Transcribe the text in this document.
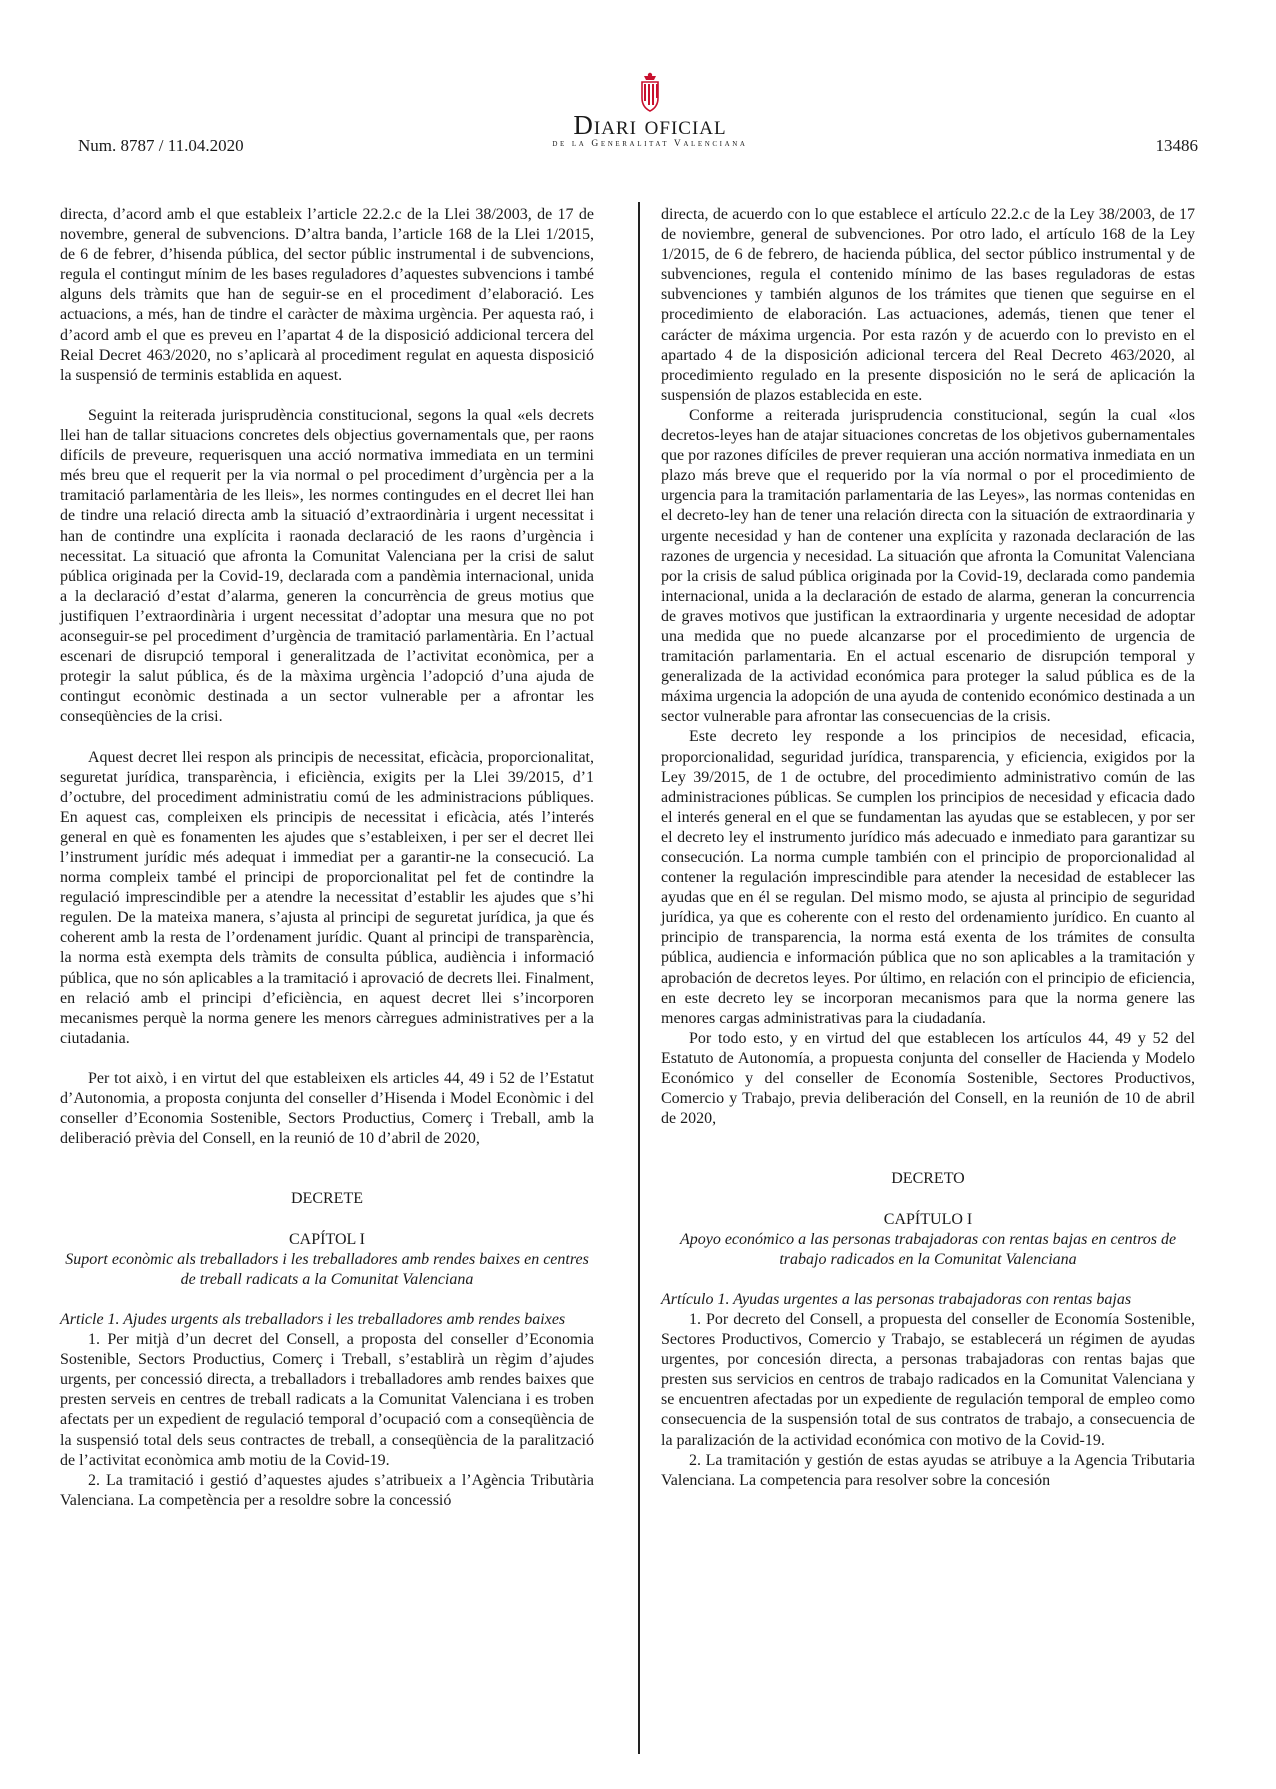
Num. 8787 / 11.04.2020
Diari oficial
de la Generalitat Valenciana	13486

directa, d’acord amb el que estableix l’article 22.2.c de la Llei 38/2003, de 17 de novembre, general de subvencions. D’altra banda, l’article 168 de la Llei 1/2015, de 6 de febrer, d’hisenda pública, del sector públic instrumental i de subvencions, regula el contingut mínim de les bases reguladores d’aquestes subvencions i també alguns dels tràmits que han de seguir-se en el procediment d’elaboració. Les actuacions, a més, han de tindre el caràcter de màxima urgència. Per aquesta raó, i d’acord amb el que es preveu en l’apartat 4 de la disposició addicional tercera del Reial Decret 463/2020, no s’aplicarà al procediment regulat en aquesta disposició la suspensió de terminis establida en aquest.

Seguint la reiterada jurisprudència constitucional, segons la qual «els decrets llei han de tallar situacions concretes dels objectius governamentals que, per raons difícils de preveure, requerisquen una acció normativa immediata en un termini més breu que el requerit per la via normal o pel procediment d’urgència per a la tramitació parlamentària de les lleis», les normes contingudes en el decret llei han de tindre una relació directa amb la situació d’extraordinària i urgent necessitat i han de contindre una explícita i raonada declaració de les raons d’urgència i necessitat. La situació que afronta la Comunitat Valenciana per la crisi de salut pública originada per la Covid-19, declarada com a pandèmia internacional, unida a la declaració d’estat d’alarma, generen la concurrència de greus motius que justifiquen l’extraordinària i urgent necessitat d’adoptar una mesura que no pot aconseguir-se pel procediment d’urgència de tramitació parlamentària. En l’actual escenari de disrupció temporal i generalitzada de l’activitat econòmica, per a protegir la salut pública, és de la màxima urgència l’adopció d’una ajuda de contingut econòmic destinada a un sector vulnerable per a afrontar les conseqüències de la crisi.

Aquest decret llei respon als principis de necessitat, eficàcia, proporcionalitat, seguretat jurídica, transparència, i eficiència, exigits per la Llei 39/2015, d’1 d’octubre, del procediment administratiu comú de les administracions públiques. En aquest cas, compleixen els principis de necessitat i eficàcia, atés l’interés general en què es fonamenten les ajudes que s’estableixen, i per ser el decret llei l’instrument jurídic més adequat i immediat per a garantir-ne la consecució. La norma compleix també el principi de proporcionalitat pel fet de contindre la regulació imprescindible per a atendre la necessitat d’establir les ajudes que s’hi regulen. De la mateixa manera, s’ajusta al principi de seguretat jurídica, ja que és coherent amb la resta de l’ordenament jurídic. Quant al principi de transparència, la norma està exempta dels tràmits de consulta pública, audiència i informació pública, que no són aplicables a la tramitació i aprovació de decrets llei. Finalment, en relació amb el principi d’eficiència, en aquest decret llei s’incorporen mecanismes perquè la norma genere les menors càrregues administratives per a la ciutadania.

Per tot això, i en virtut del que estableixen els articles 44, 49 i 52 de l’Estatut d’Autonomia, a proposta conjunta del conseller d’Hisenda i Model Econòmic i del conseller d’Economia Sostenible, Sectors Productius, Comerç i Treball, amb la deliberació prèvia del Consell, en la reunió de 10 d’abril de 2020,

DECRETE

CAPÍTOL I

Suport econòmic als treballadors i les treballadores amb rendes baixes en centres de treball radicats a la Comunitat Valenciana

Article 1. Ajudes urgents als treballadors i les treballadores amb rendes baixes

1. Per mitjà d’un decret del Consell, a proposta del conseller d’Economia Sostenible, Sectors Productius, Comerç i Treball, s’establirà un règim d’ajudes urgents, per concessió directa, a treballadors i treballadores amb rendes baixes que presten serveis en centres de treball radicats a la Comunitat Valenciana i es troben afectats per un expedient de regulació temporal d’ocupació com a conseqüència de la suspensió total dels seus contractes de treball, a conseqüència de la paralització de l’activitat econòmica amb motiu de la Covid-19.

2. La tramitació i gestió d’aquestes ajudes s’atribueix a l’Agència Tributària Valenciana. La competència per a resoldre sobre la concessió

directa, de acuerdo con lo que establece el artículo 22.2.c de la Ley 38/2003, de 17 de noviembre, general de subvenciones. Por otro lado, el artículo 168 de la Ley 1/2015, de 6 de febrero, de hacienda pública, del sector público instrumental y de subvenciones, regula el contenido mínimo de las bases reguladoras de estas subvenciones y también algunos de los trámites que tienen que seguirse en el procedimiento de elaboración. Las actuaciones, además, tienen que tener el carácter de máxima urgencia. Por esta razón y de acuerdo con lo previsto en el apartado 4 de la disposición adicional tercera del Real Decreto 463/2020, al procedimiento regulado en la presente disposición no le será de aplicación la suspensión de plazos establecida en este.

Conforme a reiterada jurisprudencia constitucional, según la cual «los decretos-leyes han de atajar situaciones concretas de los objetivos gubernamentales que por razones difíciles de prever requieran una acción normativa inmediata en un plazo más breve que el requerido por la vía normal o por el procedimiento de urgencia para la tramitación parlamentaria de las Leyes», las normas contenidas en el decreto-ley han de tener una relación directa con la situación de extraordinaria y urgente necesidad y han de contener una explícita y razonada declaración de las razones de urgencia y necesidad. La situación que afronta la Comunitat Valenciana por la crisis de salud pública originada por la Covid-19, declarada como pandemia internacional, unida a la declaración de estado de alarma, generan la concurrencia de graves motivos que justifican la extraordinaria y urgente necesidad de adoptar una medida que no puede alcanzarse por el procedimiento de urgencia de tramitación parlamentaria. En el actual escenario de disrupción temporal y generalizada de la actividad económica para proteger la salud pública es de la máxima urgencia la adopción de una ayuda de contenido económico destinada a un sector vulnerable para afrontar las consecuencias de la crisis.

Este decreto ley responde a los principios de necesidad, eficacia, proporcionalidad, seguridad jurídica, transparencia, y eficiencia, exigidos por la Ley 39/2015, de 1 de octubre, del procedimiento administrativo común de las administraciones públicas. Se cumplen los principios de necesidad y eficacia dado el interés general en el que se fundamentan las ayudas que se establecen, y por ser el decreto ley el instrumento jurídico más adecuado e inmediato para garantizar su consecución. La norma cumple también con el principio de proporcionalidad al contener la regulación imprescindible para atender la necesidad de establecer las ayudas que en él se regulan. Del mismo modo, se ajusta al principio de seguridad jurídica, ya que es coherente con el resto del ordenamiento jurídico. En cuanto al principio de transparencia, la norma está exenta de los trámites de consulta pública, audiencia e información pública que no son aplicables a la tramitación y aprobación de decretos leyes. Por último, en relación con el principio de eficiencia, en este decreto ley se incorporan mecanismos para que la norma genere las menores cargas administrativas para la ciudadanía.

Por todo esto, y en virtud del que establecen los artículos 44, 49 y 52 del Estatuto de Autonomía, a propuesta conjunta del conseller de Hacienda y Modelo Económico y del conseller de Economía Sostenible, Sectores Productivos, Comercio y Trabajo, previa deliberación del Consell, en la reunión de 10 de abril de 2020,

DECRETO

CAPÍTULO I

Apoyo económico a las personas trabajadoras con rentas bajas en centros de trabajo radicados en la Comunitat Valenciana

Artículo 1. Ayudas urgentes a las personas trabajadoras con rentas bajas

1. Por decreto del Consell, a propuesta del conseller de Economía Sostenible, Sectores Productivos, Comercio y Trabajo, se establecerá un régimen de ayudas urgentes, por concesión directa, a personas trabajadoras con rentas bajas que presten sus servicios en centros de trabajo radicados en la Comunitat Valenciana y se encuentren afectadas por un expediente de regulación temporal de empleo como consecuencia de la suspensión total de sus contratos de trabajo, a consecuencia de la paralización de la actividad económica con motivo de la Covid-19.

2. La tramitación y gestión de estas ayudas se atribuye a la Agencia Tributaria Valenciana. La competencia para resolver sobre la concesión
